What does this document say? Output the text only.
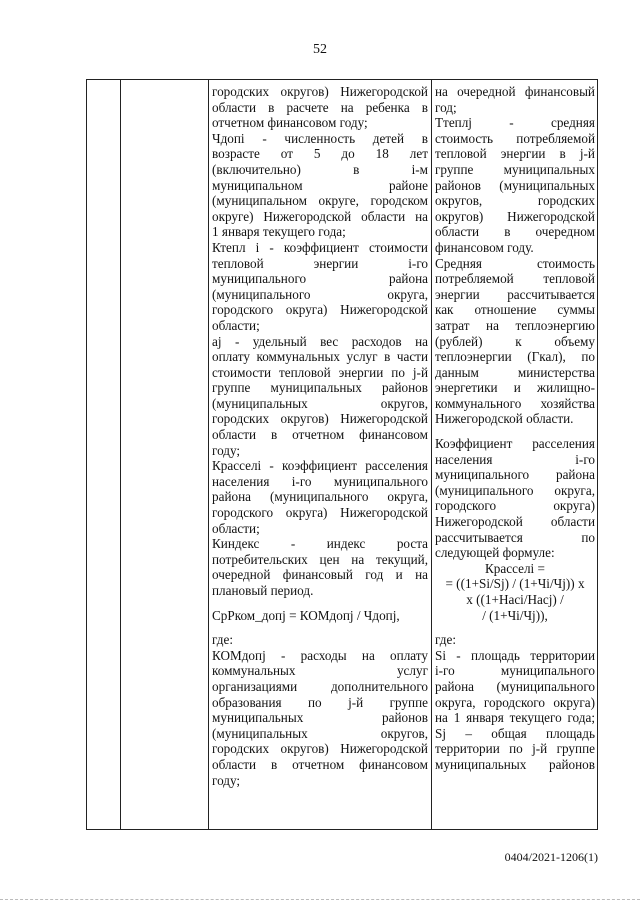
52
городских округов) Нижегородской
области в расчете на ребенка в
отчетном финансовом году;
Чдопі - численность детей в
возрасте от 5 до 18 лет
(включительно) в і-м
муниципальном районе
(муниципальном округе, городском
округе) Нижегородской области на
1 января текущего года;
Ктепл і - коэффициент стоимости
тепловой энергии і-го
муниципального района
(муниципального округа,
городского округа) Нижегородской
области;
aj - удельный вес расходов на
оплату коммунальных услуг в части
стоимости тепловой энергии по j-й
группе муниципальных районов
(муниципальных округов,
городских округов) Нижегородской
области в отчетном финансовом
году;
Красселі - коэффициент расселения
населения і-го муниципального
района (муниципального округа,
городского округа) Нижегородской
области;
Киндекс - индекс роста
потребительских цен на текущий,
очередной финансовый год и на
плановый период.
СрРком_допj = КОМдопj / Чдопj,
где:
КОМдопj - расходы на оплату
коммунальных услуг
организациями дополнительного
образования по j-й группе
муниципальных районов
(муниципальных округов,
городских округов) Нижегородской
области в отчетном финансовом
году;
на очередной финансовый
год;
Ттеплj - средняя
стоимость потребляемой
тепловой энергии в j-й
группе муниципальных
районов (муниципальных
округов, городских
округов) Нижегородской
области в очередном
финансовом году.
Средняя стоимость
потребляемой тепловой
энергии рассчитывается
как отношение суммы
затрат на теплоэнергию
(рублей) к объему
теплоэнергии (Гкал), по
данным министерства
энергетики и жилищно-
коммунального хозяйства
Нижегородской области.
Коэффициент расселения
населения і-го
муниципального района
(муниципального округа,
городского округа)
Нижегородской области
рассчитывается по
следующей формуле:
Красселі =
= ((1+Si/Sj) / (1+Чі/Чj)) x
x ((1+Насі/Насj) /
/ (1+Чі/Чj)),
где:
Si - площадь территории
і-го муниципального
района (муниципального
округа, городского округа)
на 1 января текущего года;
Sj – общая площадь
территории по j-й группе
муниципальных районов
0404/2021-1206(1)
